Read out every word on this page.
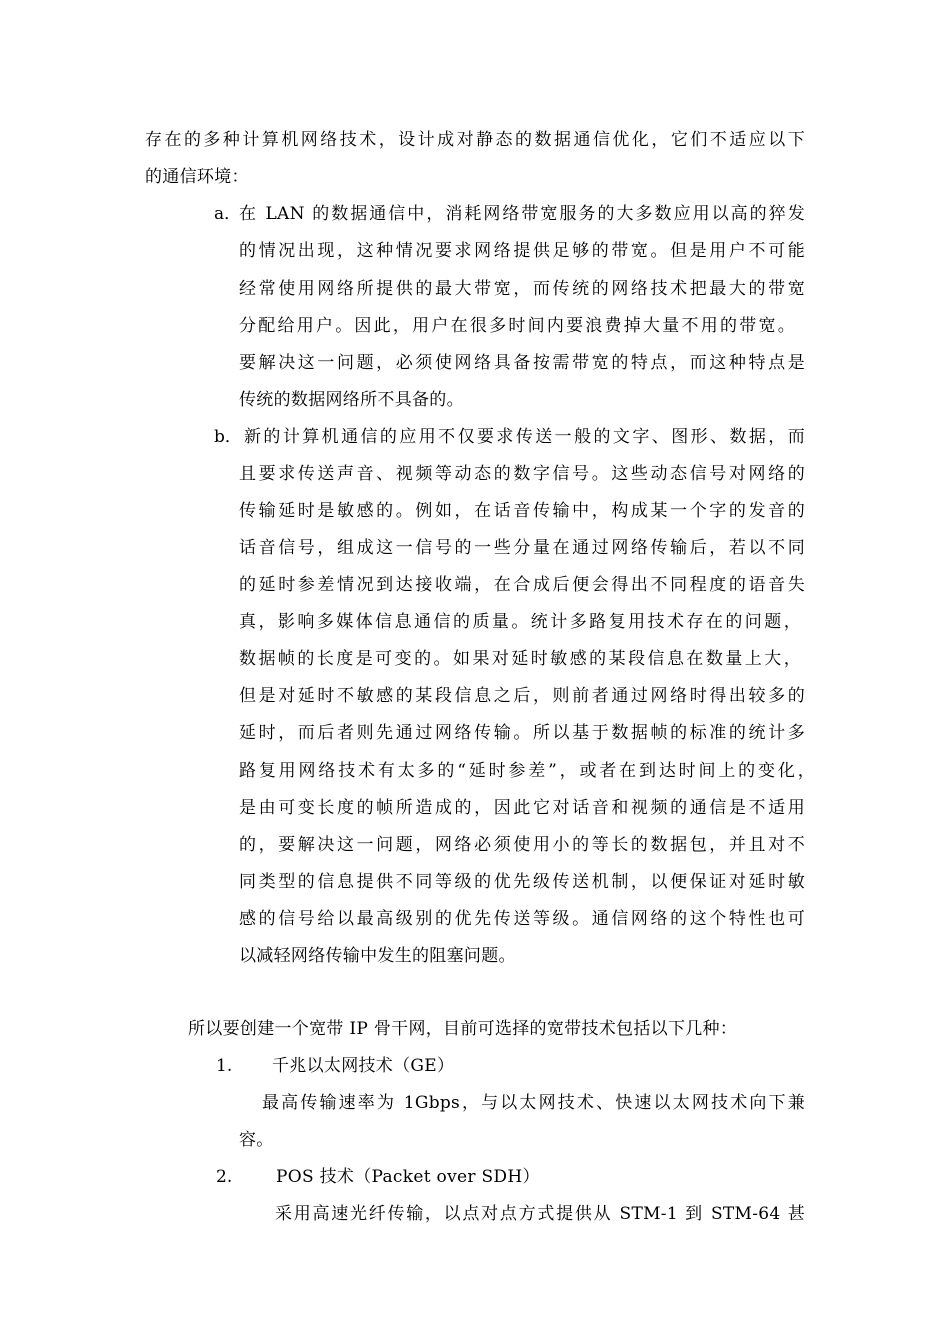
存在的多种计算机网络技术，设计成对静态的数据通信优化，它们不适应以下
的通信环境：
a．
在 LAN 的数据通信中，消耗网络带宽服务的大多数应用以高的猝发
的情况出现，这种情况要求网络提供足够的带宽。但是用户不可能
经常使用网络所提供的最大带宽，而传统的网络技术把最大的带宽
分配给用户。因此，用户在很多时间内要浪费掉大量不用的带宽。
要解决这一问题，必须使网络具备按需带宽的特点，而这种特点是
传统的数据网络所不具备的。
b． 新的计算机通信的应用不仅要求传送一般的文字、图形、数据，而
且要求传送声音、视频等动态的数字信号。这些动态信号对网络的
传输延时是敏感的。例如，在话音传输中，构成某一个字的发音的
话音信号，组成这一信号的一些分量在通过网络传输后，若以不同
的延时参差情况到达接收端，在合成后便会得出不同程度的语音失
真，影响多媒体信息通信的质量。统计多路复用技术存在的问题，
数据帧的长度是可变的。如果对延时敏感的某段信息在数量上大，
但是对延时不敏感的某段信息之后，则前者通过网络时得出较多的
延时，而后者则先通过网络传输。所以基于数据帧的标准的统计多
路复用网络技术有太多的“延时参差”，或者在到达时间上的变化，
是由可变长度的帧所造成的，因此它对话音和视频的通信是不适用
的，要解决这一问题，网络必须使用小的等长的数据包，并且对不
同类型的信息提供不同等级的优先级传送机制，以便保证对延时敏
感的信号给以最高级别的优先传送等级。通信网络的这个特性也可
以减轻网络传输中发生的阻塞问题。
所以要创建一个宽带 IP 骨干网，目前可选择的宽带技术包括以下几种：
1. 千兆以太网技术（GE）
最高传输速率为 1Gbps，与以太网技术、快速以太网技术向下兼
容。
2.	POS 技术（Packet over SDH）
采用高速光纤传输，以点对点方式提供从 STM-1 到 STM-64 甚
